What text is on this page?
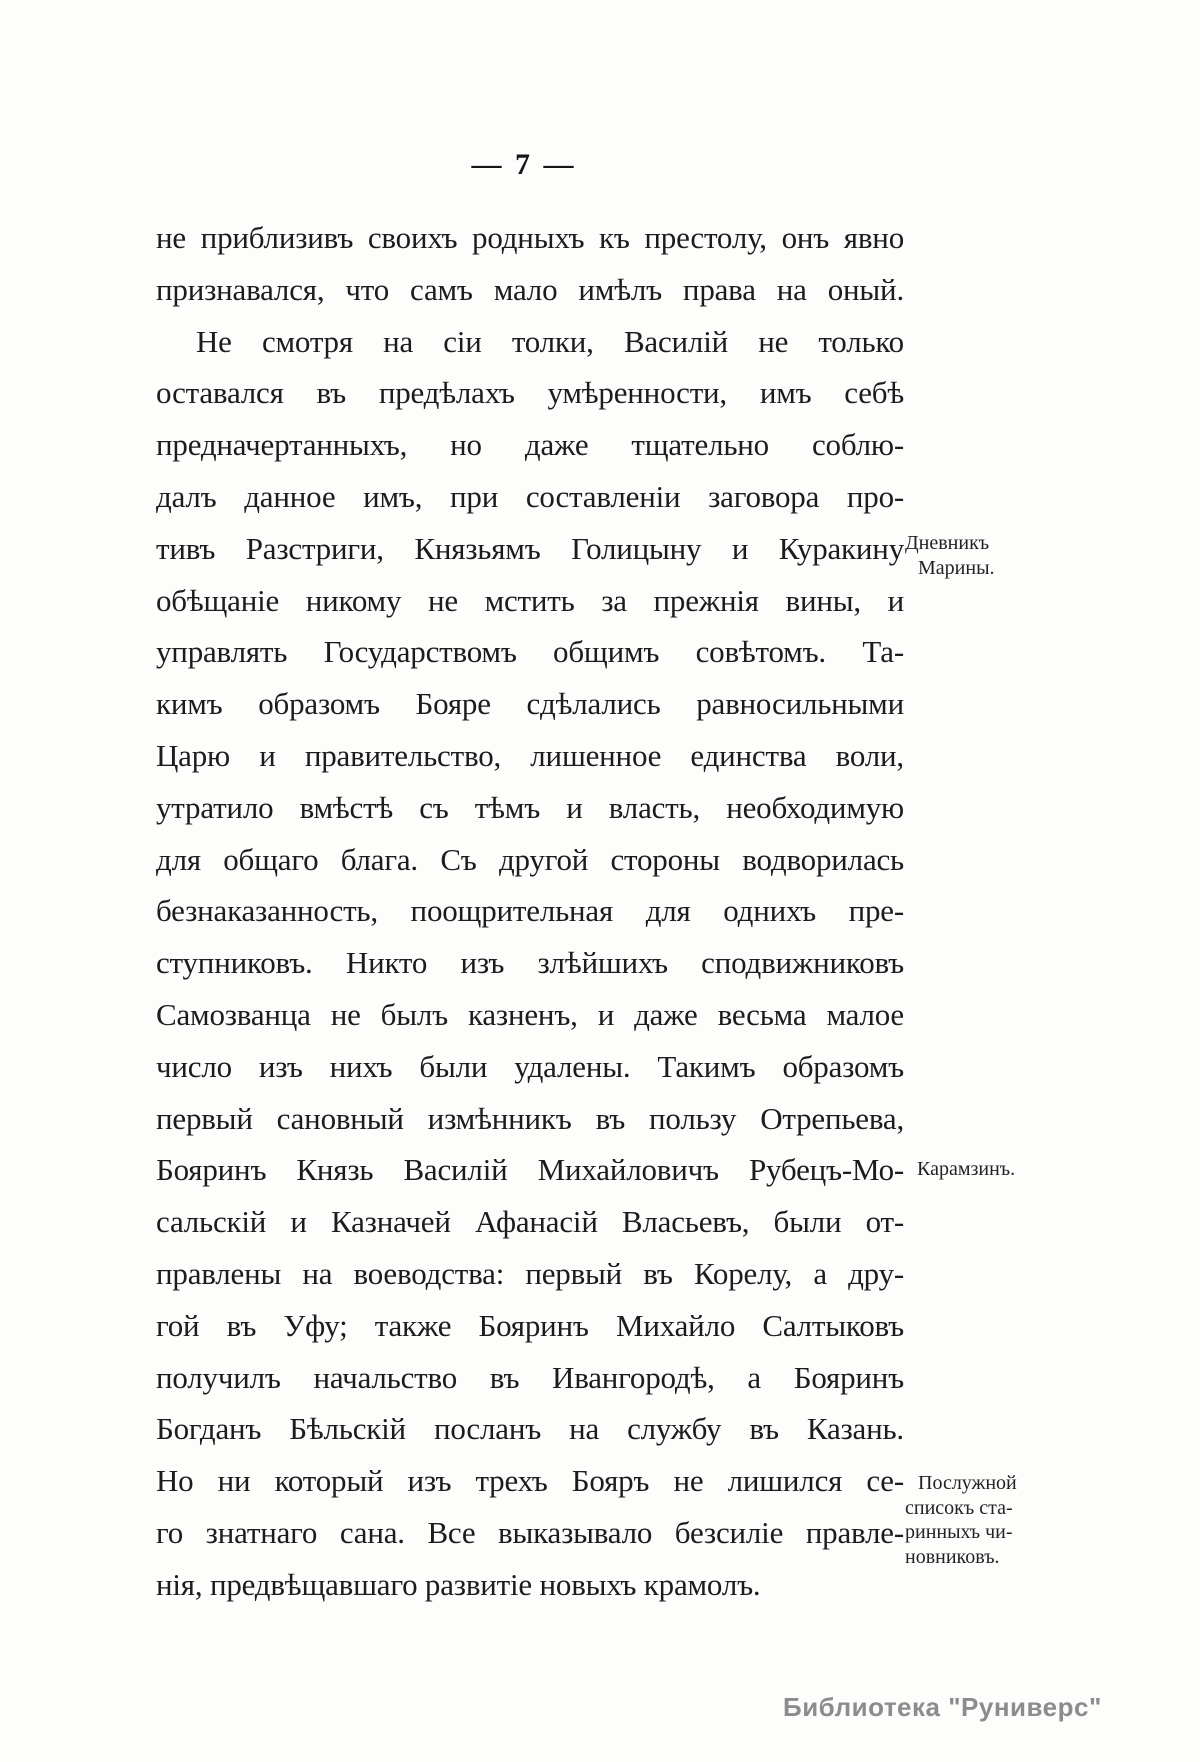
— 7 —
не приблизивъ своихъ родныхъ къ престолу, онъ явно
признавался, что самъ мало имѣлъ права на оный.
Не смотря на сіи толки, Василій не только
оставался въ предѣлахъ умѣренности, имъ себѣ
предначертанныхъ, но даже тщательно соблю-
далъ данное имъ, при составленіи заговора про-
тивъ Разстриги, Князьямъ Голицыну и Куракину
обѣщаніе никому не мстить за прежнія вины, и
управлять Государствомъ общимъ совѣтомъ. Та-
кимъ образомъ Бояре сдѣлались равносильными
Царю и правительство, лишенное единства воли,
утратило вмѣстѣ съ тѣмъ и власть, необходимую
для общаго блага. Съ другой стороны водворилась
безнаказанность, поощрительная для однихъ пре-
ступниковъ. Никто изъ злѣйшихъ сподвижниковъ
Самозванца не былъ казненъ, и даже весьма малое
число изъ нихъ были удалены. Такимъ образомъ
первый сановный измѣнникъ въ пользу Отрепьева,
Бояринъ Князь Василій Михайловичъ Рубецъ-Мо-
сальскій и Казначей Афанасій Власьевъ, были от-
правлены на воеводства: первый въ Корелу, а дру-
гой въ Уфу; также Бояринъ Михайло Салтыковъ
получилъ начальство въ Ивангородѣ, а Бояринъ
Богданъ Бѣльскій посланъ на службу въ Казань.
Но ни который изъ трехъ Бояръ не лишился се-
го знатнаго сана. Все выказывало безсиліе правле-
нія, предвѣщавшаго развитіе новыхъ крамолъ.
Дневникъ
Марины.
Карамзинъ.
Послужной
списокъ ста-
ринныхъ чи-
новниковъ.
Библиотека "Руниверс"
